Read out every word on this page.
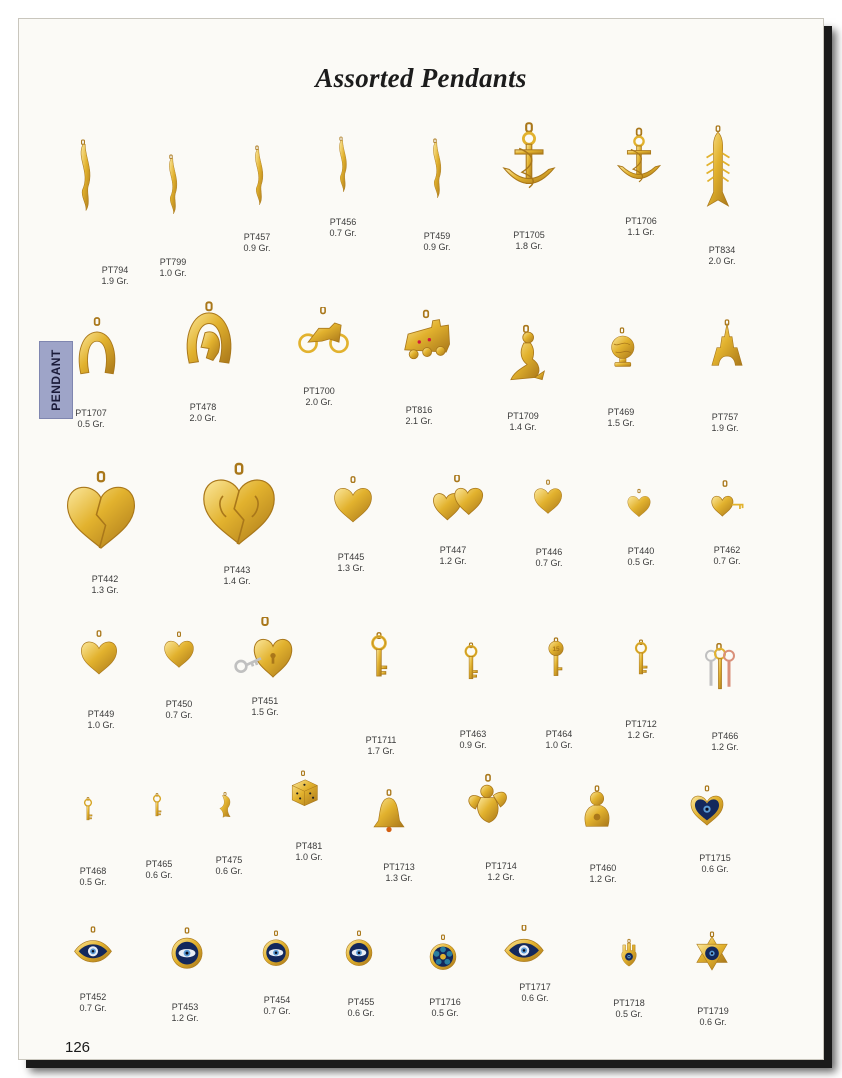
Assorted Pendants
PENDANT
126
PT794
1.9 Gr.
PT799
1.0 Gr.
PT457
0.9 Gr.
PT456
0.7 Gr.	PT459
0.9 Gr.
PT1705
1.8 Gr.
PT1706
1.1 Gr.
PT834
2.0 Gr.
PT1707
0.5 Gr.
PT478
2.0 Gr.
PT1700
2.0 Gr.
PT816
2.1 Gr.	PT1709
1.4 Gr.
PT469
1.5 Gr.
PT757
1.9 Gr.
PT442
1.3 Gr.
PT443
1.4 Gr.
PT445
1.3 Gr.
PT447
1.2 Gr.
PT446
0.7 Gr.
PT440
0.5 Gr.
PT462
0.7 Gr.
PT449
1.0 Gr.
PT450
0.7 Gr.
PT451
1.5 Gr.
PT1711
1.7 Gr.
PT463
0.9 Gr.
15
PT464
1.0 Gr.
PT1712
1.2 Gr.	PT466
1.2 Gr.
PT468
0.5 Gr.
PT465
0.6 Gr.
PT475
0.6 Gr.
PT481
1.0 Gr.
PT1713
1.3 Gr.
PT1714
1.2 Gr.
PT460
1.2 Gr.
PT1715
0.6 Gr.
PT452
0.7 Gr.	PT453
1.2 Gr.
PT454
0.7 Gr.
PT455
0.6 Gr.
PT1716
0.5 Gr.
PT1717
0.6 Gr.	PT1718
0.5 Gr.	PT1719
0.6 Gr.
